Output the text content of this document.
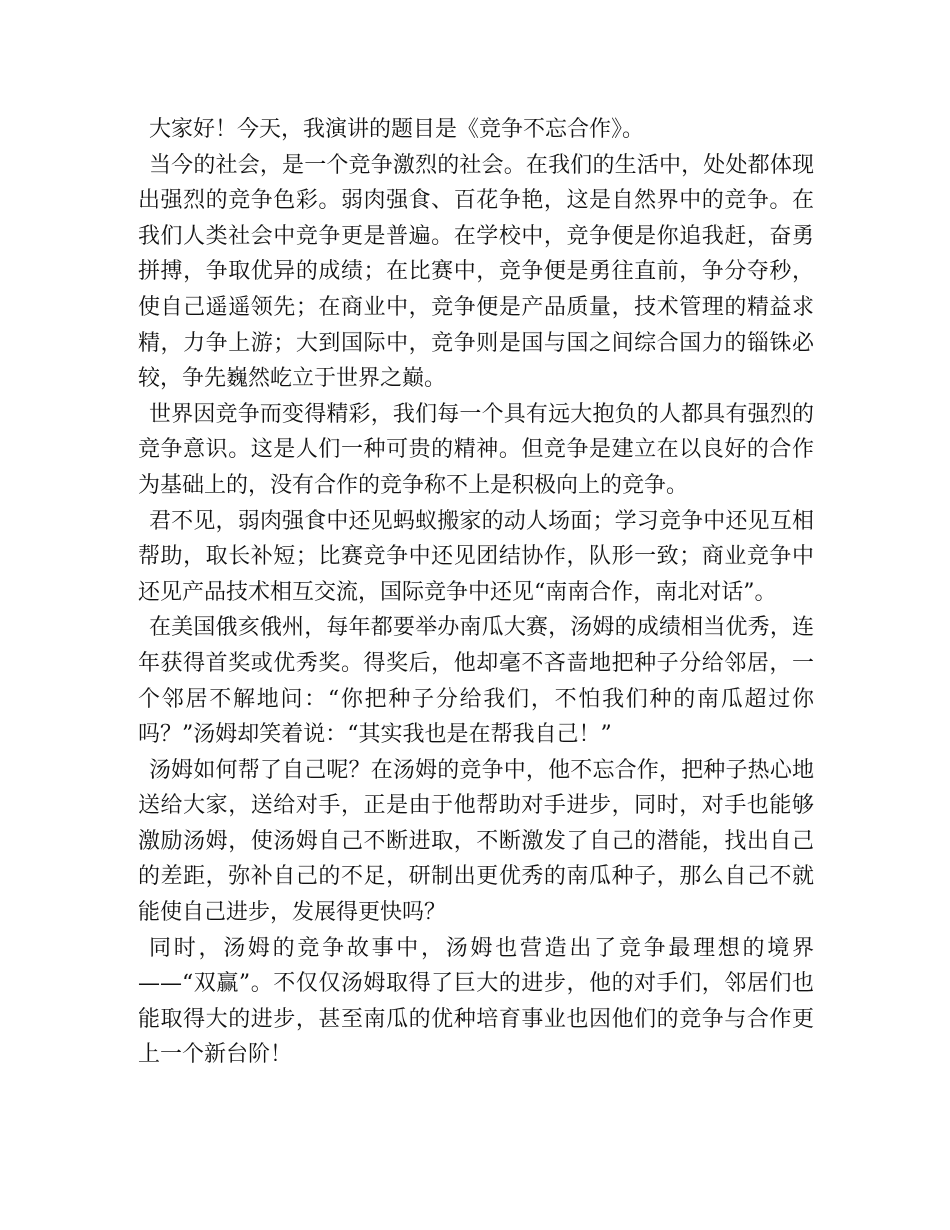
大家好！今天，我演讲的题目是《竞争不忘合作》。

当今的社会，是一个竞争激烈的社会。在我们的生活中，处处都体现出强烈的竞争色彩。弱肉强食、百花争艳，这是自然界中的竞争。在我们人类社会中竞争更是普遍。在学校中，竞争便是你追我赶，奋勇拼搏，争取优异的成绩；在比赛中，竞争便是勇往直前，争分夺秒，使自己遥遥领先；在商业中，竞争便是产品质量，技术管理的精益求精，力争上游；大到国际中，竞争则是国与国之间综合国力的锱铢必较，争先巍然屹立于世界之巅。

世界因竞争而变得精彩，我们每一个具有远大抱负的人都具有强烈的竞争意识。这是人们一种可贵的精神。但竞争是建立在以良好的合作为基础上的，没有合作的竞争称不上是积极向上的竞争。

君不见，弱肉强食中还见蚂蚁搬家的动人场面；学习竞争中还见互相帮助，取长补短；比赛竞争中还见团结协作，队形一致；商业竞争中还见产品技术相互交流，国际竞争中还见“南南合作，南北对话”。

在美国俄亥俄州，每年都要举办南瓜大赛，汤姆的成绩相当优秀，连年获得首奖或优秀奖。得奖后，他却毫不吝啬地把种子分给邻居，一个邻居不解地问：“你把种子分给我们，不怕我们种的南瓜超过你吗？”汤姆却笑着说：“其实我也是在帮我自己！”

汤姆如何帮了自己呢？在汤姆的竞争中，他不忘合作，把种子热心地送给大家，送给对手，正是由于他帮助对手进步，同时，对手也能够激励汤姆，使汤姆自己不断进取，不断激发了自己的潜能，找出自己的差距，弥补自己的不足，研制出更优秀的南瓜种子，那么自己不就能使自己进步，发展得更快吗？

同时，汤姆的竞争故事中，汤姆也营造出了竞争最理想的境界——“双赢”。不仅仅汤姆取得了巨大的进步，他的对手们，邻居们也能取得大的进步，甚至南瓜的优种培育事业也因他们的竞争与合作更上一个新台阶！
